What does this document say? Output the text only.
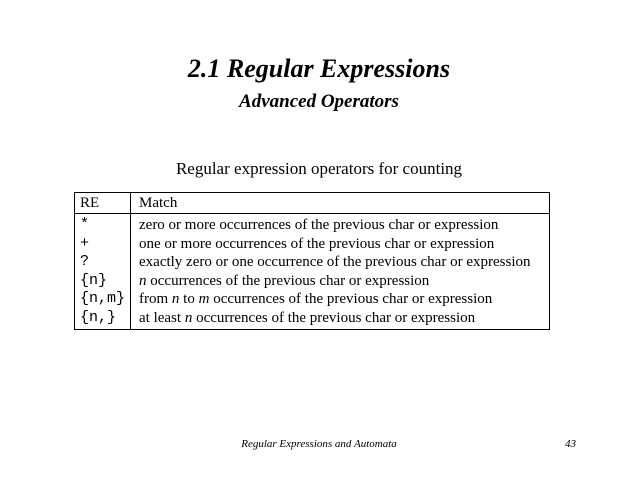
2.1 Regular Expressions
Advanced Operators
Regular expression operators for counting
RE	Match
*	zero or more occurrences of the previous char or expression
+	one or more occurrences of the previous char or expression
?	exactly zero or one occurrence of the previous char or expression
{n} n occurrences of the previous char or expression
{n,m} from n to m occurrences of the previous char or expression
{n,} at least n occurrences of the previous char or expression
Regular Expressions and Automata	43
